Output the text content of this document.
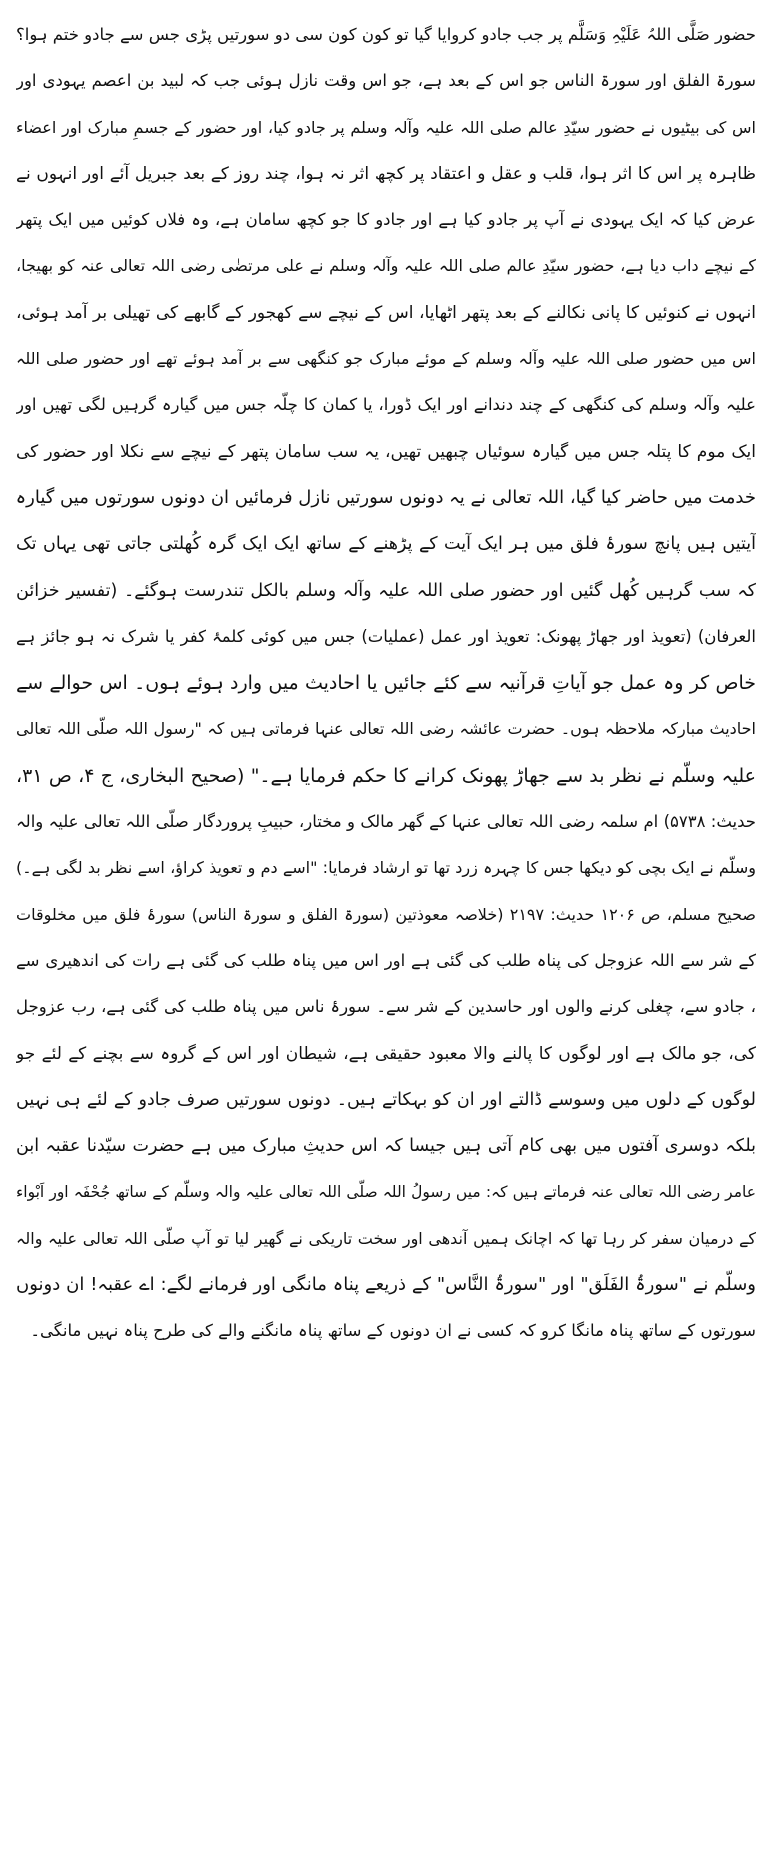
حضور صَلَّی اللہُ عَلَیْہِ وَسَلَّم پر جب جادو کروایا گیا تو کون کون سی دو سورتیں پڑی جس سے جادو ختم ہوا؟
سورۃ الفلق اور سورۃ الناس جو اس کے بعد ہے، جو اس وقت نازل ہوئی جب کہ لبید بن اعصم یہودی اور
اس کی بیٹیوں نے حضور سیّدِ عالم صلی اللہ علیہ وآلہ وسلم پر جادو کیا، اور حضور کے جسمِ مبارک اور اعضاء
ظاہرہ پر اس کا اثر ہوا، قلب و عقل و اعتقاد پر کچھ اثر نہ ہوا، چند روز کے بعد جبریل آئے اور انہوں نے
عرض کیا کہ ایک یہودی نے آپ پر جادو کیا ہے اور جادو کا جو کچھ سامان ہے، وہ فلاں کوئیں میں ایک پتھر
کے نیچے داب دیا ہے، حضور سیّدِ عالم صلی اللہ علیہ وآلہ وسلم نے علی مرتضٰی رضی اللہ تعالی عنہ کو بھیجا،
انہوں نے کنوئیں کا پانی نکالنے کے بعد پتھر اٹھایا، اس کے نیچے سے کھجور کے گابھے کی تھیلی بر آمد ہوئی،
اس میں حضور صلی اللہ علیہ وآلہ وسلم کے موئے مبارک جو کنگھی سے بر آمد ہوئے تھے اور حضور صلی اللہ
علیہ وآلہ وسلم کی کنگھی کے چند دندانے اور ایک ڈورا، یا کمان کا چلّہ جس میں گیارہ گرہیں لگی تھیں اور
ایک موم کا پتلہ جس میں گیارہ سوئیاں چبھیں تھیں، یہ سب سامان پتھر کے نیچے سے نکلا اور حضور کی
خدمت میں حاضر کیا گیا، اللہ تعالی نے یہ دونوں سورتیں نازل فرمائیں ان دونوں سورتوں میں گیارہ
آیتیں ہیں پانچ سورۂ فلق میں ہر ایک آیت کے پڑھنے کے ساتھ ایک ایک گرہ کُھلتی جاتی تھی یہاں تک
کہ سب گرہیں کُھل گئیں اور حضور صلی اللہ علیہ وآلہ وسلم بالکل تندرست ہوگئے۔ (تفسیر خزائن
العرفان) (تعویذ اور جھاڑ پھونک: تعویذ اور عمل (عملیات) جس میں کوئی کلمۂ کفر یا شرک نہ ہو جائز ہے
خاص کر وہ عمل جو آیاتِ قرآنیہ سے کئے جائیں یا احادیث میں وارد ہوئے ہوں۔ اس حوالے سے
احادیث مبارکہ ملاحظہ ہوں۔ حضرت عائشہ رضی اللہ تعالی عنہا فرماتی ہیں کہ "رسول اللہ صلّی اللہ تعالی
علیہ وسلّم نے نظر بد سے جھاڑ پھونک کرانے کا حکم فرمایا ہے۔" (صحیح البخاری، ج ۴، ص ۳۱،
حدیث: ۵۷۳۸) ام سلمہ رضی اللہ تعالی عنہا کے گھر مالک و مختار، حبیبِ پروردگار صلّی اللہ تعالی علیہ والہ
وسلّم نے ایک بچی کو دیکھا جس کا چہرہ زرد تھا تو ارشاد فرمایا: "اسے دم و تعویذ کراؤ، اسے نظر بد لگی ہے۔)
صحیح مسلم، ص ۱۲۰۶ حدیث: ۲۱۹۷ (خلاصہ معوذتین (سورۃ الفلق و سورۃ الناس) سورۂ فلق میں مخلوقات
کے شر سے اللہ عزوجل کی پناہ طلب کی گئی ہے اور اس میں پناہ طلب کی گئی ہے رات کی اندھیری سے
، جادو سے، چغلی کرنے والوں اور حاسدین کے شر سے۔ سورۂ ناس میں پناہ طلب کی گئی ہے، رب عزوجل
کی، جو مالک ہے اور لوگوں کا پالنے والا معبود حقیقی ہے، شیطان اور اس کے گروہ سے بچنے کے لئے جو
لوگوں کے دلوں میں وسوسے ڈالتے اور ان کو بہکاتے ہیں۔ دونوں سورتیں صرف جادو کے لئے ہی نہیں
بلکہ دوسری آفتوں میں بھی کام آتی ہیں جیسا کہ اس حدیثِ مبارک میں ہے حضرت سیّدنا عقبہ ابن
عامر رضی اللہ تعالی عنہ فرماتے ہیں کہ: میں رسولُ اللہ صلّی اللہ تعالی علیہ والہ وسلّم کے ساتھ جُحْفَہ اور اَبْواء
کے درمیان سفر کر رہا تھا کہ اچانک ہمیں آندھی اور سخت تاریکی نے گھیر لیا تو آپ صلّی اللہ تعالی علیہ والہ
وسلّم نے "سورۃُ الفَلَق" اور "سورۃُ النَّاس" کے ذریعے پناہ مانگی اور فرمانے لگے: اے عقبہ! ان دونوں
سورتوں کے ساتھ پناہ مانگا کرو کہ کسی نے ان دونوں کے ساتھ پناہ مانگنے والے کی طرح پناہ نہیں مانگی۔
